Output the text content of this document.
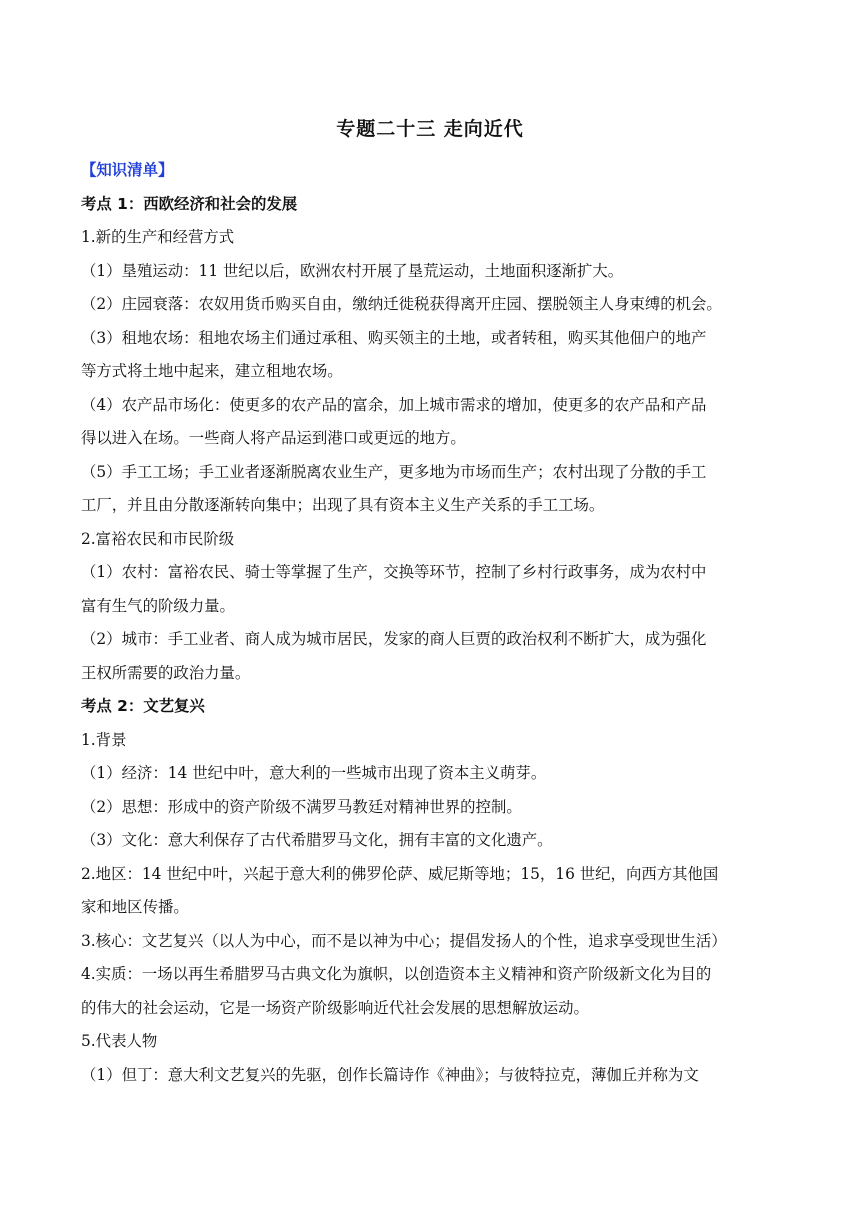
专题二十三 走向近代
【知识清单】
考点 1：西欧经济和社会的发展
1.新的生产和经营方式
（1）垦殖运动：11 世纪以后，欧洲农村开展了垦荒运动，土地面积逐渐扩大。
（2）庄园衰落：农奴用货币购买自由，缴纳迁徙税获得离开庄园、摆脱领主人身束缚的机会。
（3）租地农场：租地农场主们通过承租、购买领主的土地，或者转租，购买其他佃户的地产
等方式将土地中起来，建立租地农场。
（4）农产品市场化：使更多的农产品的富余，加上城市需求的增加，使更多的农产品和产品
得以进入在场。一些商人将产品运到港口或更远的地方。
（5）手工工场；手工业者逐渐脱离农业生产，更多地为市场而生产；农村出现了分散的手工
工厂，并且由分散逐渐转向集中；出现了具有资本主义生产关系的手工工场。
2.富裕农民和市民阶级
（1）农村：富裕农民、骑士等掌握了生产，交换等环节，控制了乡村行政事务，成为农村中
富有生气的阶级力量。
（2）城市：手工业者、商人成为城市居民，发家的商人巨贾的政治权利不断扩大，成为强化
王权所需要的政治力量。
考点 2：文艺复兴
1.背景
（1）经济：14 世纪中叶，意大利的一些城市出现了资本主义萌芽。
（2）思想：形成中的资产阶级不满罗马教廷对精神世界的控制。
（3）文化：意大利保存了古代希腊罗马文化，拥有丰富的文化遗产。
2.地区：14 世纪中叶，兴起于意大利的佛罗伦萨、威尼斯等地；15，16 世纪，向西方其他国
家和地区传播。
3.核心：文艺复兴（以人为中心，而不是以神为中心；提倡发扬人的个性，追求享受现世生活）
4.实质：一场以再生希腊罗马古典文化为旗帜，以创造资本主义精神和资产阶级新文化为目的
的伟大的社会运动，它是一场资产阶级影响近代社会发展的思想解放运动。
5.代表人物
（1）但丁：意大利文艺复兴的先驱，创作长篇诗作《神曲》；与彼特拉克，薄伽丘并称为文
